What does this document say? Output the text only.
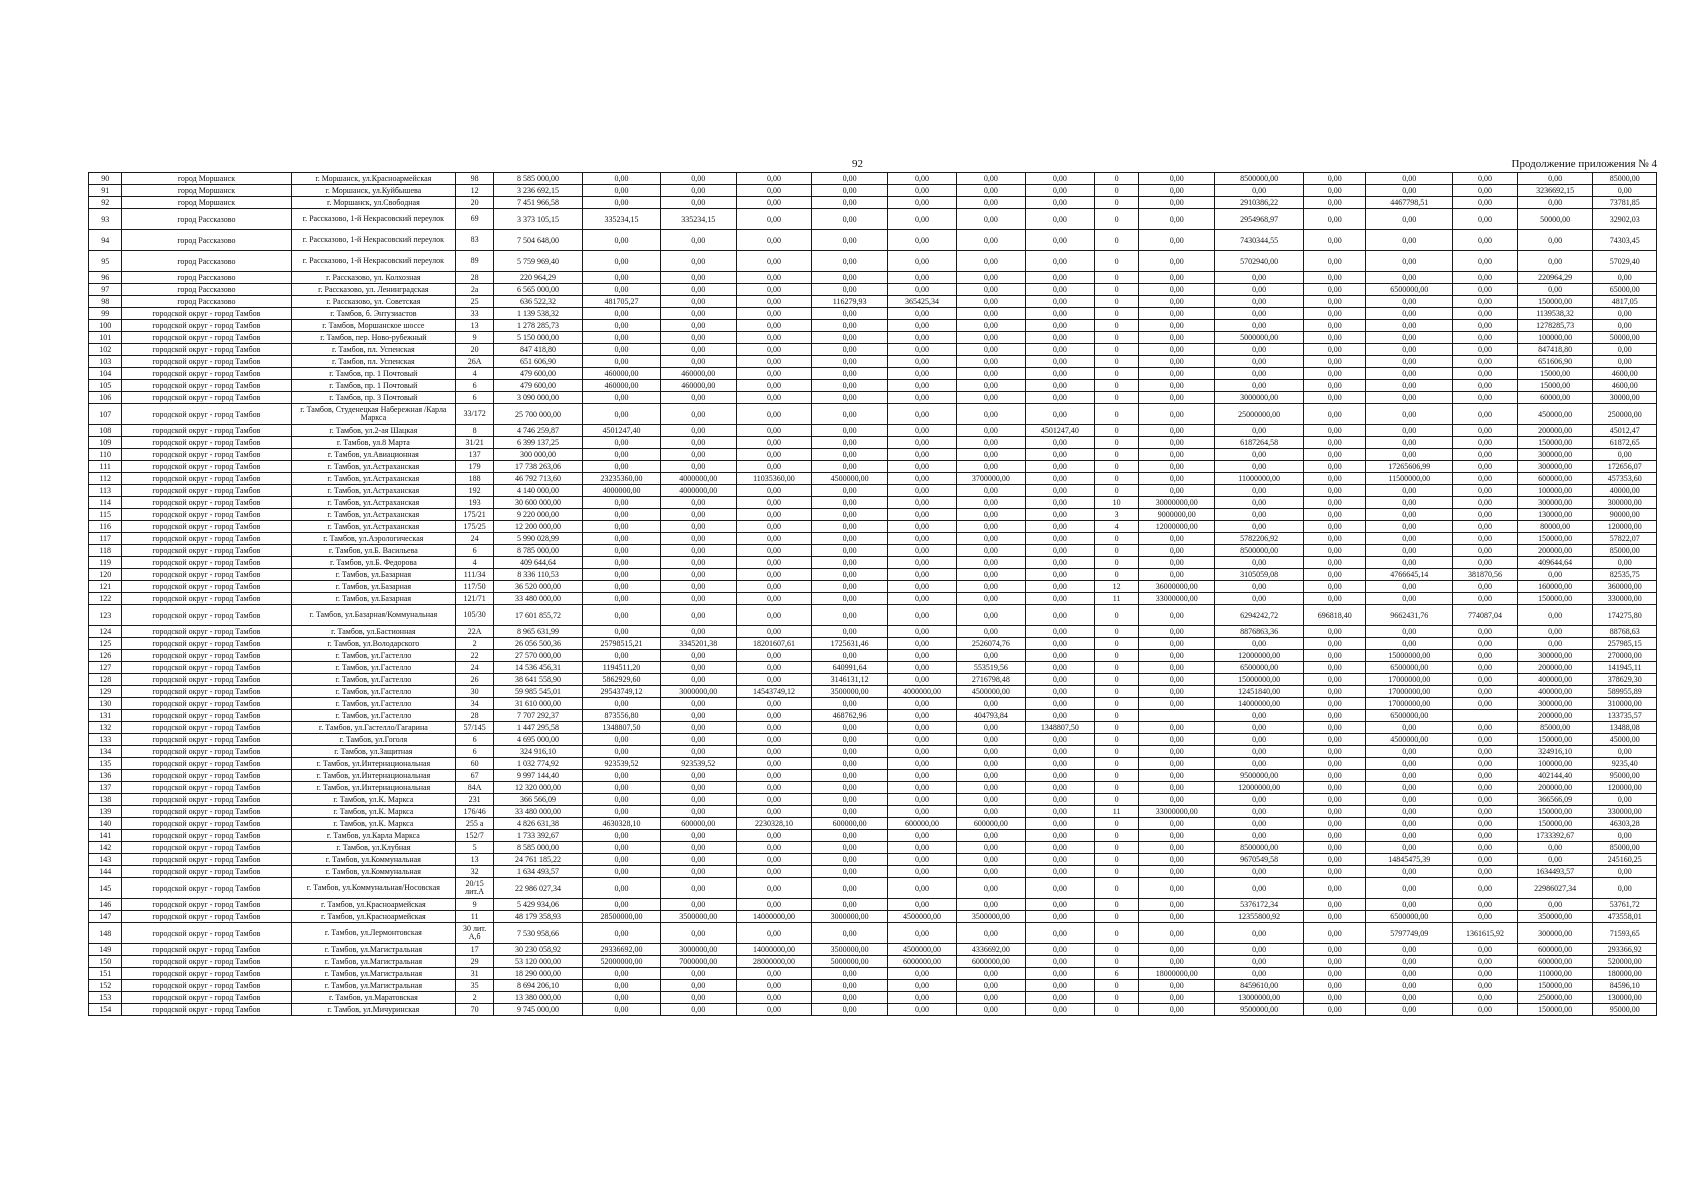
92	Продолжение приложения № 4
90	город Моршанск	г. Моршанск, ул.Красноармейская	98	8 585 000,00	0,00	0,00	0,00	0,00	0,00	0,00	0,00	0	0,00	8500000,00	0,00	0,00	0,00	0,00	85000,00
91	город Моршанск	г. Моршанск, ул.Куйбышева	12	3 236 692,15	0,00	0,00	0,00	0,00	0,00	0,00	0,00	0	0,00	0,00	0,00	0,00	0,00	3236692,15	0,00
92	город Моршанск	г. Моршанск, ул.Свободная	20	7 451 966,58	0,00	0,00	0,00	0,00	0,00	0,00	0,00	0	0,00	2910386,22	0,00	4467798,51	0,00	0,00	73781,85
93	город Рассказово	г. Рассказово, 1-й Некрасовский переулок	69	3 373 105,15	335234,15	335234,15	0,00	0,00	0,00	0,00	0,00	0	0,00	2954968,97	0,00	0,00	0,00	50000,00	32902,03
94	город Рассказово	г. Рассказово, 1-й Некрасовский переулок	83	7 504 648,00	0,00	0,00	0,00	0,00	0,00	0,00	0,00	0	0,00	7430344,55	0,00	0,00	0,00	0,00	74303,45
95	город Рассказово	г. Рассказово, 1-й Некрасовский переулок	89	5 759 969,40	0,00	0,00	0,00	0,00	0,00	0,00	0,00	0	0,00	5702940,00	0,00	0,00	0,00	0,00	57029,40
96	город Рассказово	г. Рассказово, ул. Колхозная	28	220 964,29	0,00	0,00	0,00	0,00	0,00	0,00	0,00	0	0,00	0,00	0,00	0,00	0,00	220964,29	0,00
97	город Рассказово	г. Рассказово, ул. Ленинградская	2а	6 565 000,00	0,00	0,00	0,00	0,00	0,00	0,00	0,00	0	0,00	0,00	0,00	6500000,00	0,00	0,00	65000,00
98	город Рассказово	г. Рассказово, ул. Советская	25	636 522,32	481705,27	0,00	0,00	116279,93	365425,34	0,00	0,00	0	0,00	0,00	0,00	0,00	0,00	150000,00	4817,05
99	городской округ - город Тамбов	г. Тамбов, б. Энтузиастов	33	1 139 538,32	0,00	0,00	0,00	0,00	0,00	0,00	0,00	0	0,00	0,00	0,00	0,00	0,00	1139538,32	0,00
100	городской округ - город Тамбов	г. Тамбов, Моршанское шоссе	13	1 278 285,73	0,00	0,00	0,00	0,00	0,00	0,00	0,00	0	0,00	0,00	0,00	0,00	0,00	1278285,73	0,00
101	городской округ - город Тамбов	г. Тамбов, пер. Ново-рубежный	9	5 150 000,00	0,00	0,00	0,00	0,00	0,00	0,00	0,00	0	0,00	5000000,00	0,00	0,00	0,00	100000,00	50000,00
102	городской округ - город Тамбов	г. Тамбов, пл. Успенская	20	847 418,80	0,00	0,00	0,00	0,00	0,00	0,00	0,00	0	0,00	0,00	0,00	0,00	0,00	847418,80	0,00
103	городской округ - город Тамбов	г. Тамбов, пл. Успенская	26А	651 606,90	0,00	0,00	0,00	0,00	0,00	0,00	0,00	0	0,00	0,00	0,00	0,00	0,00	651606,90	0,00
104	городской округ - город Тамбов	г. Тамбов, пр. 1 Почтовый	4	479 600,00	460000,00	460000,00	0,00	0,00	0,00	0,00	0,00	0	0,00	0,00	0,00	0,00	0,00	15000,00	4600,00
105	городской округ - город Тамбов	г. Тамбов, пр. 1 Почтовый	6	479 600,00	460000,00	460000,00	0,00	0,00	0,00	0,00	0,00	0	0,00	0,00	0,00	0,00	0,00	15000,00	4600,00
106	городской округ - город Тамбов	г. Тамбов, пр. 3 Почтовый	6	3 090 000,00	0,00	0,00	0,00	0,00	0,00	0,00	0,00	0	0,00	3000000,00	0,00	0,00	0,00	60000,00	30000,00
107	городской округ - город Тамбов	г. Тамбов, Студенецкая Набережная /Карла Маркса	33/172	25 700 000,00	0,00	0,00	0,00	0,00	0,00	0,00	0,00	0	0,00	25000000,00	0,00	0,00	0,00	450000,00	250000,00
108	городской округ - город Тамбов	г. Тамбов, ул.2-ая Шацкая	8	4 746 259,87	4501247,40	0,00	0,00	0,00	0,00	0,00	4501247,40	0	0,00	0,00	0,00	0,00	0,00	200000,00	45012,47
109	городской округ - город Тамбов	г. Тамбов, ул.8 Марта	31/21	6 399 137,25	0,00	0,00	0,00	0,00	0,00	0,00	0,00	0	0,00	6187264,58	0,00	0,00	0,00	150000,00	61872,65
110	городской округ - город Тамбов	г. Тамбов, ул.Авиационная	137	300 000,00	0,00	0,00	0,00	0,00	0,00	0,00	0,00	0	0,00	0,00	0,00	0,00	0,00	300000,00	0,00
111	городской округ - город Тамбов	г. Тамбов, ул.Астраханская	179	17 738 263,06	0,00	0,00	0,00	0,00	0,00	0,00	0,00	0	0,00	0,00	0,00	17265606,99	0,00	300000,00	172656,07
112	городской округ - город Тамбов	г. Тамбов, ул.Астраханская	188	46 792 713,60	23235360,00	4000000,00	11035360,00	4500000,00	0,00	3700000,00	0,00	0	0,00	11000000,00	0,00	11500000,00	0,00	600000,00	457353,60
113	городской округ - город Тамбов	г. Тамбов, ул.Астраханская	192	4 140 000,00	4000000,00	4000000,00	0,00	0,00	0,00	0,00	0,00	0	0,00	0,00	0,00	0,00	0,00	100000,00	40000,00
114	городской округ - город Тамбов	г. Тамбов, ул.Астраханская	193	30 600 000,00	0,00	0,00	0,00	0,00	0,00	0,00	0,00	10	30000000,00	0,00	0,00	0,00	0,00	300000,00	300000,00
115	городской округ - город Тамбов	г. Тамбов, ул.Астраханская	175/21	9 220 000,00	0,00	0,00	0,00	0,00	0,00	0,00	0,00	3	9000000,00	0,00	0,00	0,00	0,00	130000,00	90000,00
116	городской округ - город Тамбов	г. Тамбов, ул.Астраханская	175/25	12 200 000,00	0,00	0,00	0,00	0,00	0,00	0,00	0,00	4	12000000,00	0,00	0,00	0,00	0,00	80000,00	120000,00
117	городской округ - город Тамбов	г. Тамбов, ул.Аэрологическая	24	5 990 028,99	0,00	0,00	0,00	0,00	0,00	0,00	0,00	0	0,00	5782206,92	0,00	0,00	0,00	150000,00	57822,07
118	городской округ - город Тамбов	г. Тамбов, ул.Б. Васильева	6	8 785 000,00	0,00	0,00	0,00	0,00	0,00	0,00	0,00	0	0,00	8500000,00	0,00	0,00	0,00	200000,00	85000,00
119	городской округ - город Тамбов	г. Тамбов, ул.Б. Федорова	4	409 644,64	0,00	0,00	0,00	0,00	0,00	0,00	0,00	0	0,00	0,00	0,00	0,00	0,00	409644,64	0,00
120	городской округ - город Тамбов	г. Тамбов, ул.Базарная	111/34	8 336 110,53	0,00	0,00	0,00	0,00	0,00	0,00	0,00	0	0,00	3105059,08	0,00	4766645,14	381870,56	0,00	82535,75
121	городской округ - город Тамбов	г. Тамбов, ул.Базарная	117/50	36 520 000,00	0,00	0,00	0,00	0,00	0,00	0,00	0,00	12	36000000,00	0,00	0,00	0,00	0,00	160000,00	360000,00
122	городской округ - город Тамбов	г. Тамбов, ул.Базарная	121/71	33 480 000,00	0,00	0,00	0,00	0,00	0,00	0,00	0,00	11	33000000,00	0,00	0,00	0,00	0,00	150000,00	330000,00
123	городской округ - город Тамбов	г. Тамбов, ул.Базарная/Коммунальная	105/30	17 601 855,72	0,00	0,00	0,00	0,00	0,00	0,00	0,00	0	0,00	6294242,72	696818,40	9662431,76	774087,04	0,00	174275,80
124	городской округ - город Тамбов	г. Тамбов, ул.Бастионная	22А	8 965 631,99	0,00	0,00	0,00	0,00	0,00	0,00	0,00	0	0,00	8876863,36	0,00	0,00	0,00	0,00	88768,63
125	городской округ - город Тамбов	г. Тамбов, ул.Володарского	2	26 056 500,36	25798515,21	3345201,38	18201607,61	1725631,46	0,00	2526074,76	0,00	0	0,00	0,00	0,00	0,00	0,00	0,00	257985,15
126	городской округ - город Тамбов	г. Тамбов, ул.Гастелло	22	27 570 000,00	0,00	0,00	0,00	0,00	0,00	0,00	0,00	0	0,00	12000000,00	0,00	15000000,00	0,00	300000,00	270000,00
127	городской округ - город Тамбов	г. Тамбов, ул.Гастелло	24	14 536 456,31	1194511,20	0,00	0,00	640991,64	0,00	553519,56	0,00	0	0,00	6500000,00	0,00	6500000,00	0,00	200000,00	141945,11
128	городской округ - город Тамбов	г. Тамбов, ул.Гастелло	26	38 641 558,90	5862929,60	0,00	0,00	3146131,12	0,00	2716798,48	0,00	0	0,00	15000000,00	0,00	17000000,00	0,00	400000,00	378629,30
129	городской округ - город Тамбов	г. Тамбов, ул.Гастелло	30	59 985 545,01	29543749,12	3000000,00	14543749,12	3500000,00	4000000,00	4500000,00	0,00	0	0,00	12451840,00	0,00	17000000,00	0,00	400000,00	589955,89
130	городской округ - город Тамбов	г. Тамбов, ул.Гастелло	34	31 610 000,00	0,00	0,00	0,00	0,00	0,00	0,00	0,00	0	0,00	14000000,00	0,00	17000000,00	0,00	300000,00	310000,00
131	городской округ - город Тамбов	г. Тамбов, ул.Гастелло	28	7 707 292,37	873556,80	0,00	0,00	468762,96	0,00	404793,84	0,00	0		0,00	0,00	6500000,00		200000,00	133735,57
132	городской округ - город Тамбов	г. Тамбов, ул.Гастелло/Гагарина	57/145	1 447 295,58	1348807,50	0,00	0,00	0,00	0,00	0,00	1348807,50	0	0,00	0,00	0,00	0,00	0,00	85000,00	13488,08
133	городской округ - город Тамбов	г. Тамбов, ул.Гоголя	6	4 695 000,00	0,00	0,00	0,00	0,00	0,00	0,00	0,00	0	0,00	0,00	0,00	4500000,00	0,00	150000,00	45000,00
134	городской округ - город Тамбов	г. Тамбов, ул.Защитная	6	324 916,10	0,00	0,00	0,00	0,00	0,00	0,00	0,00	0	0,00	0,00	0,00	0,00	0,00	324916,10	0,00
135	городской округ - город Тамбов	г. Тамбов, ул.Интернациональная	60	1 032 774,92	923539,52	923539,52	0,00	0,00	0,00	0,00	0,00	0	0,00	0,00	0,00	0,00	0,00	100000,00	9235,40
136	городской округ - город Тамбов	г. Тамбов, ул.Интернациональная	67	9 997 144,40	0,00	0,00	0,00	0,00	0,00	0,00	0,00	0	0,00	9500000,00	0,00	0,00	0,00	402144,40	95000,00
137	городской округ - город Тамбов	г. Тамбов, ул.Интернациональная	84А	12 320 000,00	0,00	0,00	0,00	0,00	0,00	0,00	0,00	0	0,00	12000000,00	0,00	0,00	0,00	200000,00	120000,00
138	городской округ - город Тамбов	г. Тамбов, ул.К. Маркса	231	366 566,09	0,00	0,00	0,00	0,00	0,00	0,00	0,00	0	0,00	0,00	0,00	0,00	0,00	366566,09	0,00
139	городской округ - город Тамбов	г. Тамбов, ул.К. Маркса	176/46	33 480 000,00	0,00	0,00	0,00	0,00	0,00	0,00	0,00	11	33000000,00	0,00	0,00	0,00	0,00	150000,00	330000,00
140	городской округ - город Тамбов	г. Тамбов, ул.К. Маркса	255 а	4 826 631,38	4630328,10	600000,00	2230328,10	600000,00	600000,00	600000,00	0,00	0	0,00	0,00	0,00	0,00	0,00	150000,00	46303,28
141	городской округ - город Тамбов	г. Тамбов, ул.Карла Маркса	152/7	1 733 392,67	0,00	0,00	0,00	0,00	0,00	0,00	0,00	0	0,00	0,00	0,00	0,00	0,00	1733392,67	0,00
142	городской округ - город Тамбов	г. Тамбов, ул.Клубная	5	8 585 000,00	0,00	0,00	0,00	0,00	0,00	0,00	0,00	0	0,00	8500000,00	0,00	0,00	0,00	0,00	85000,00
143	городской округ - город Тамбов	г. Тамбов, ул.Коммунальная	13	24 761 185,22	0,00	0,00	0,00	0,00	0,00	0,00	0,00	0	0,00	9670549,58	0,00	14845475,39	0,00	0,00	245160,25
144	городской округ - город Тамбов	г. Тамбов, ул.Коммунальная	32	1 634 493,57	0,00	0,00	0,00	0,00	0,00	0,00	0,00	0	0,00	0,00	0,00	0,00	0,00	1634493,57	0,00
145	городской округ - город Тамбов	г. Тамбов, ул.Коммунальная/Носовская	20/15 лит.А	22 986 027,34	0,00	0,00	0,00	0,00	0,00	0,00	0,00	0	0,00	0,00	0,00	0,00	0,00	22986027,34	0,00
146	городской округ - город Тамбов	г. Тамбов, ул.Красноармейская	9	5 429 934,06	0,00	0,00	0,00	0,00	0,00	0,00	0,00	0	0,00	5376172,34	0,00	0,00	0,00	0,00	53761,72
147	городской округ - город Тамбов	г. Тамбов, ул.Красноармейская	11	48 179 358,93	28500000,00	3500000,00	14000000,00	3000000,00	4500000,00	3500000,00	0,00	0	0,00	12355800,92	0,00	6500000,00	0,00	350000,00	473558,01
148	городской округ - город Тамбов	г. Тамбов, ул.Лермонтовская	30 лит. А,б	7 530 958,66	0,00	0,00	0,00	0,00	0,00	0,00	0,00	0	0,00	0,00	0,00	5797749,09	1361615,92	300000,00	71593,65
149	городской округ - город Тамбов	г. Тамбов, ул.Магистральная	17	30 230 058,92	29336692,00	3000000,00	14000000,00	3500000,00	4500000,00	4336692,00	0,00	0	0,00	0,00	0,00	0,00	0,00	600000,00	293366,92
150	городской округ - город Тамбов	г. Тамбов, ул.Магистральная	29	53 120 000,00	52000000,00	7000000,00	28000000,00	5000000,00	6000000,00	6000000,00	0,00	0	0,00	0,00	0,00	0,00	0,00	600000,00	520000,00
151	городской округ - город Тамбов	г. Тамбов, ул.Магистральная	31	18 290 000,00	0,00	0,00	0,00	0,00	0,00	0,00	0,00	6	18000000,00	0,00	0,00	0,00	0,00	110000,00	180000,00
152	городской округ - город Тамбов	г. Тамбов, ул.Магистральная	35	8 694 206,10	0,00	0,00	0,00	0,00	0,00	0,00	0,00	0	0,00	8459610,00	0,00	0,00	0,00	150000,00	84596,10
153	городской округ - город Тамбов	г. Тамбов, ул.Маратовская	2	13 380 000,00	0,00	0,00	0,00	0,00	0,00	0,00	0,00	0	0,00	13000000,00	0,00	0,00	0,00	250000,00	130000,00
154	городской округ - город Тамбов	г. Тамбов, ул.Мичуринская	70	9 745 000,00	0,00	0,00	0,00	0,00	0,00	0,00	0,00	0	0,00	9500000,00	0,00	0,00	0,00	150000,00	95000,00
